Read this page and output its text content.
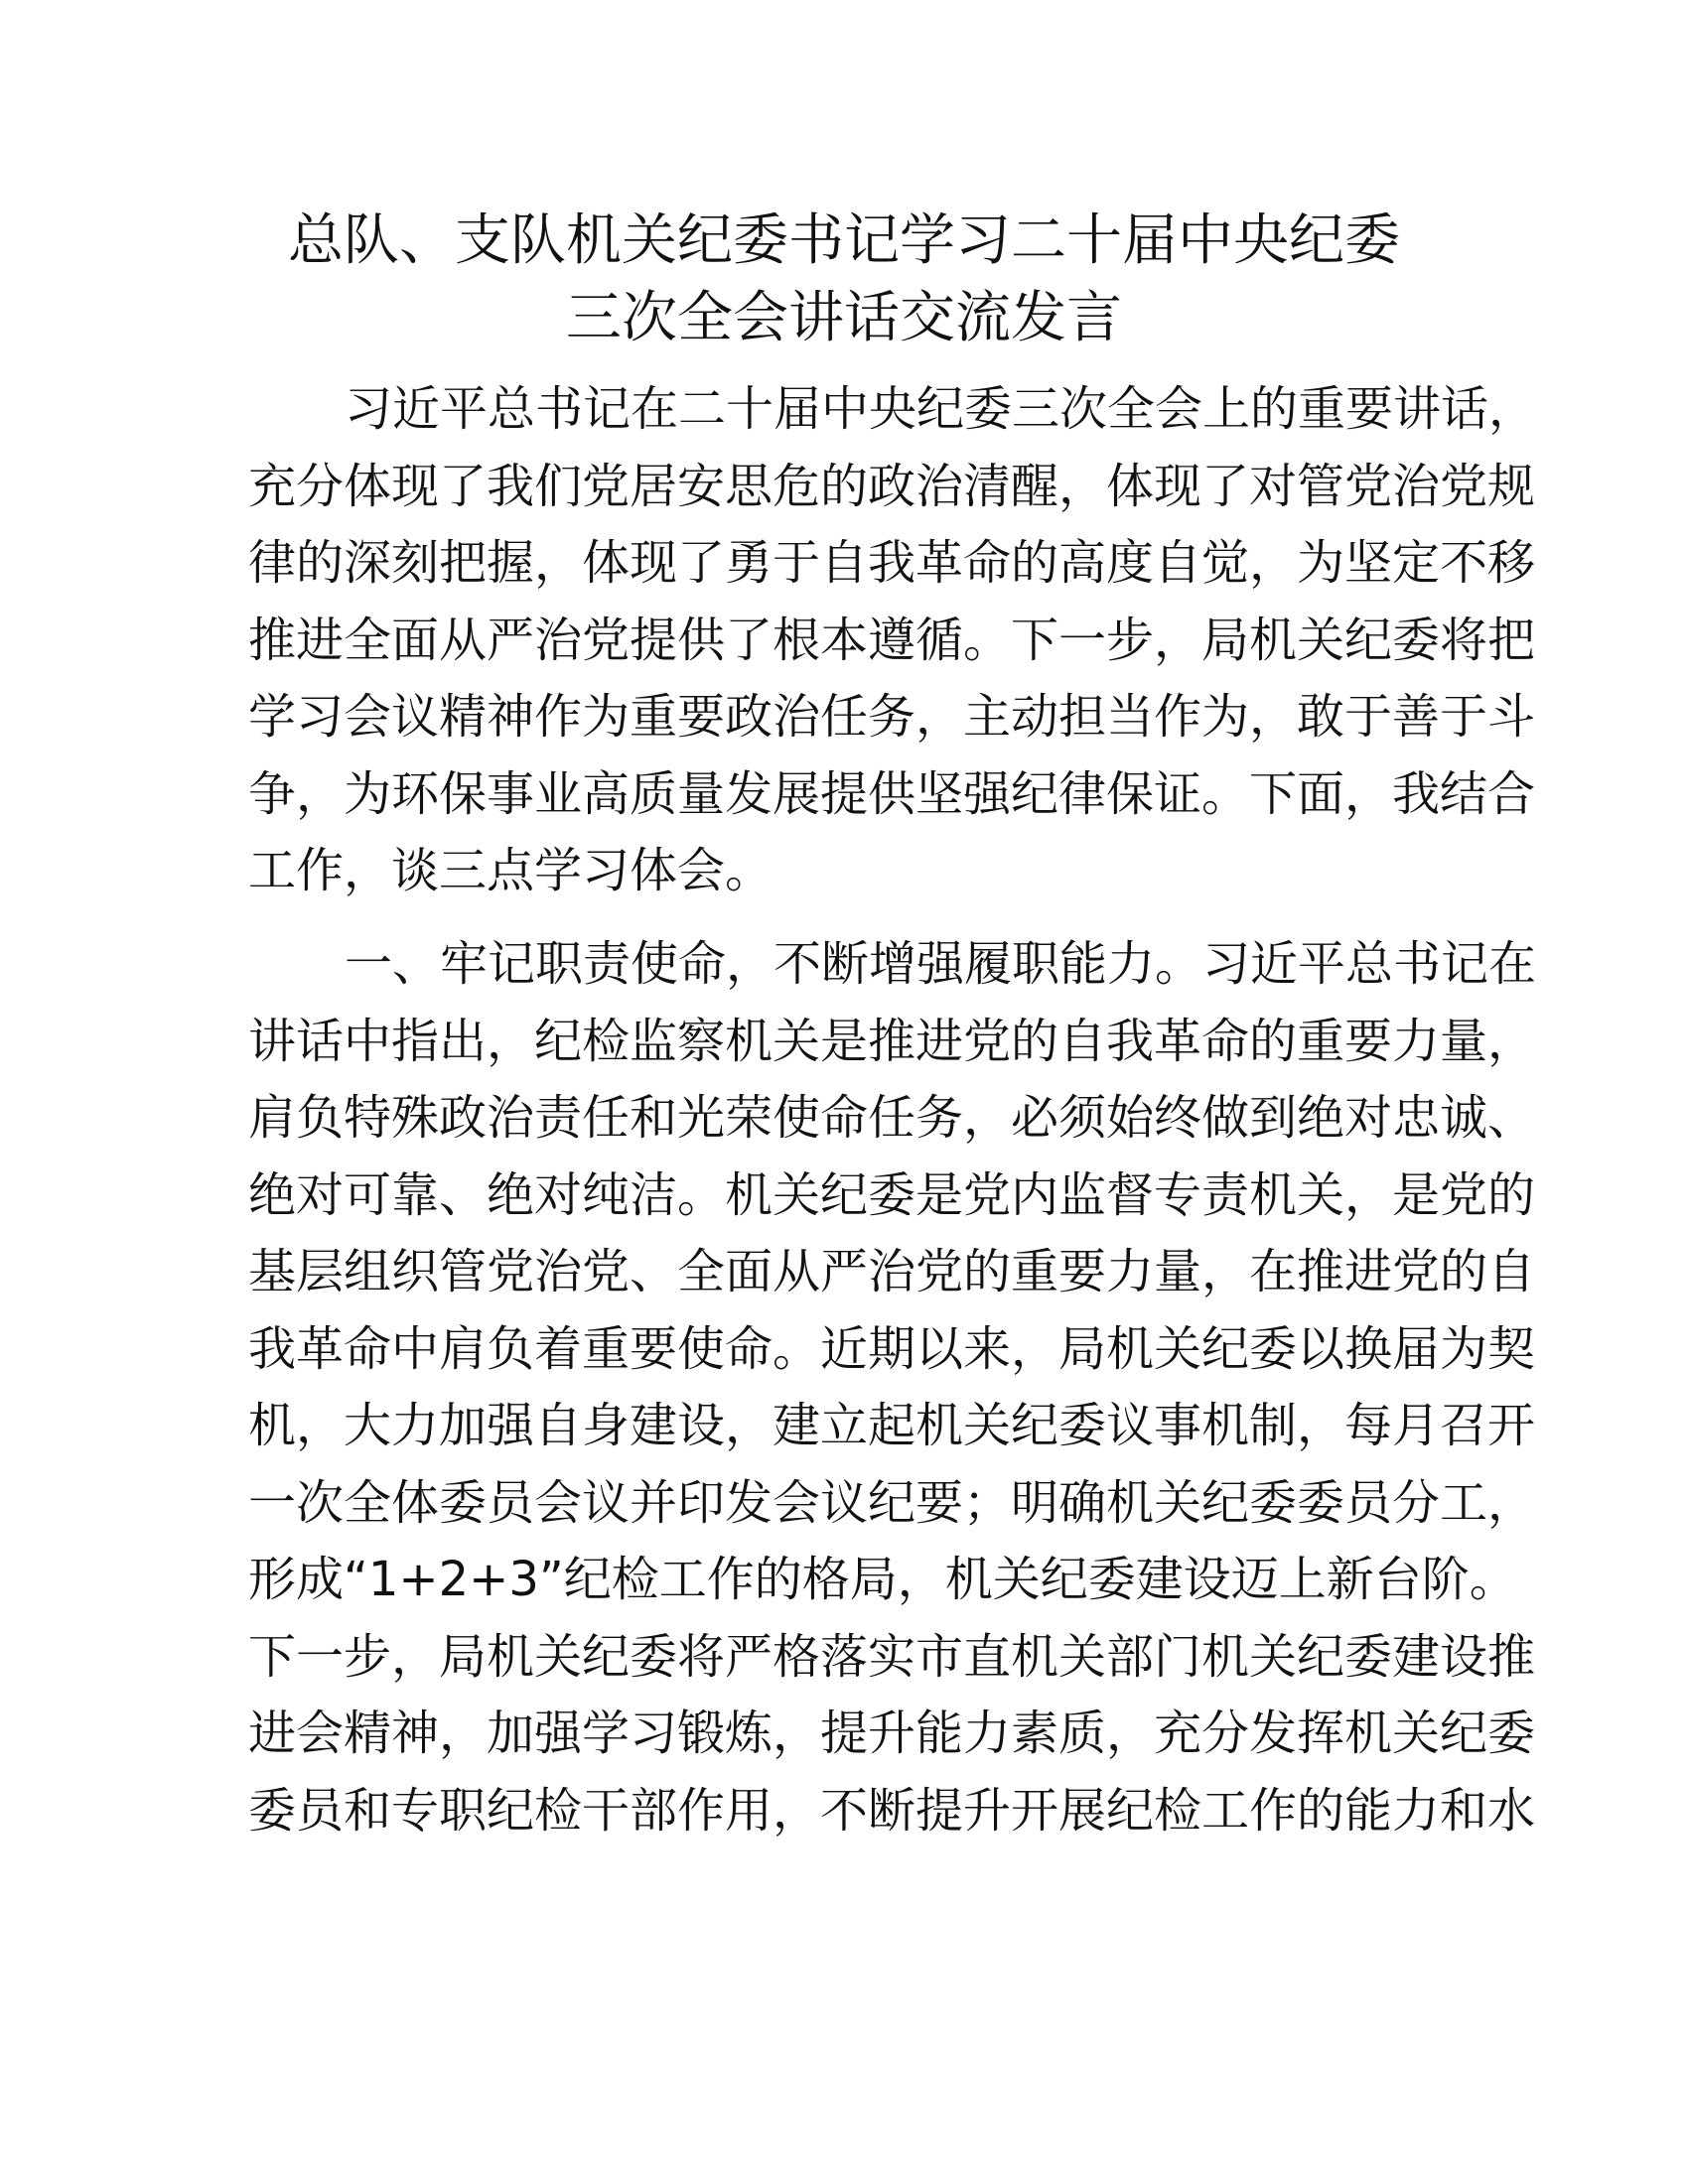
总队、支队机关纪委书记学习二十届中央纪委
三次全会讲话交流发言
习近平总书记在二十届中央纪委三次全会上的重要讲话，
充分体现了我们党居安思危的政治清醒，体现了对管党治党规
律的深刻把握，体现了勇于自我革命的高度自觉，为坚定不移
推进全面从严治党提供了根本遵循。下一步，局机关纪委将把
学习会议精神作为重要政治任务，主动担当作为，敢于善于斗
争，为环保事业高质量发展提供坚强纪律保证。下面，我结合
工作，谈三点学习体会。
一、牢记职责使命，不断增强履职能力。习近平总书记在
讲话中指出，纪检监察机关是推进党的自我革命的重要力量，
肩负特殊政治责任和光荣使命任务，必须始终做到绝对忠诚、
绝对可靠、绝对纯洁。机关纪委是党内监督专责机关，是党的
基层组织管党治党、全面从严治党的重要力量，在推进党的自
我革命中肩负着重要使命。近期以来，局机关纪委以换届为契
机，大力加强自身建设，建立起机关纪委议事机制，每月召开
一次全体委员会议并印发会议纪要；明确机关纪委委员分工，
形成“1+2+3”纪检工作的格局，机关纪委建设迈上新台阶。
下一步，局机关纪委将严格落实市直机关部门机关纪委建设推
进会精神，加强学习锻炼，提升能力素质，充分发挥机关纪委
委员和专职纪检干部作用，不断提升开展纪检工作的能力和水
